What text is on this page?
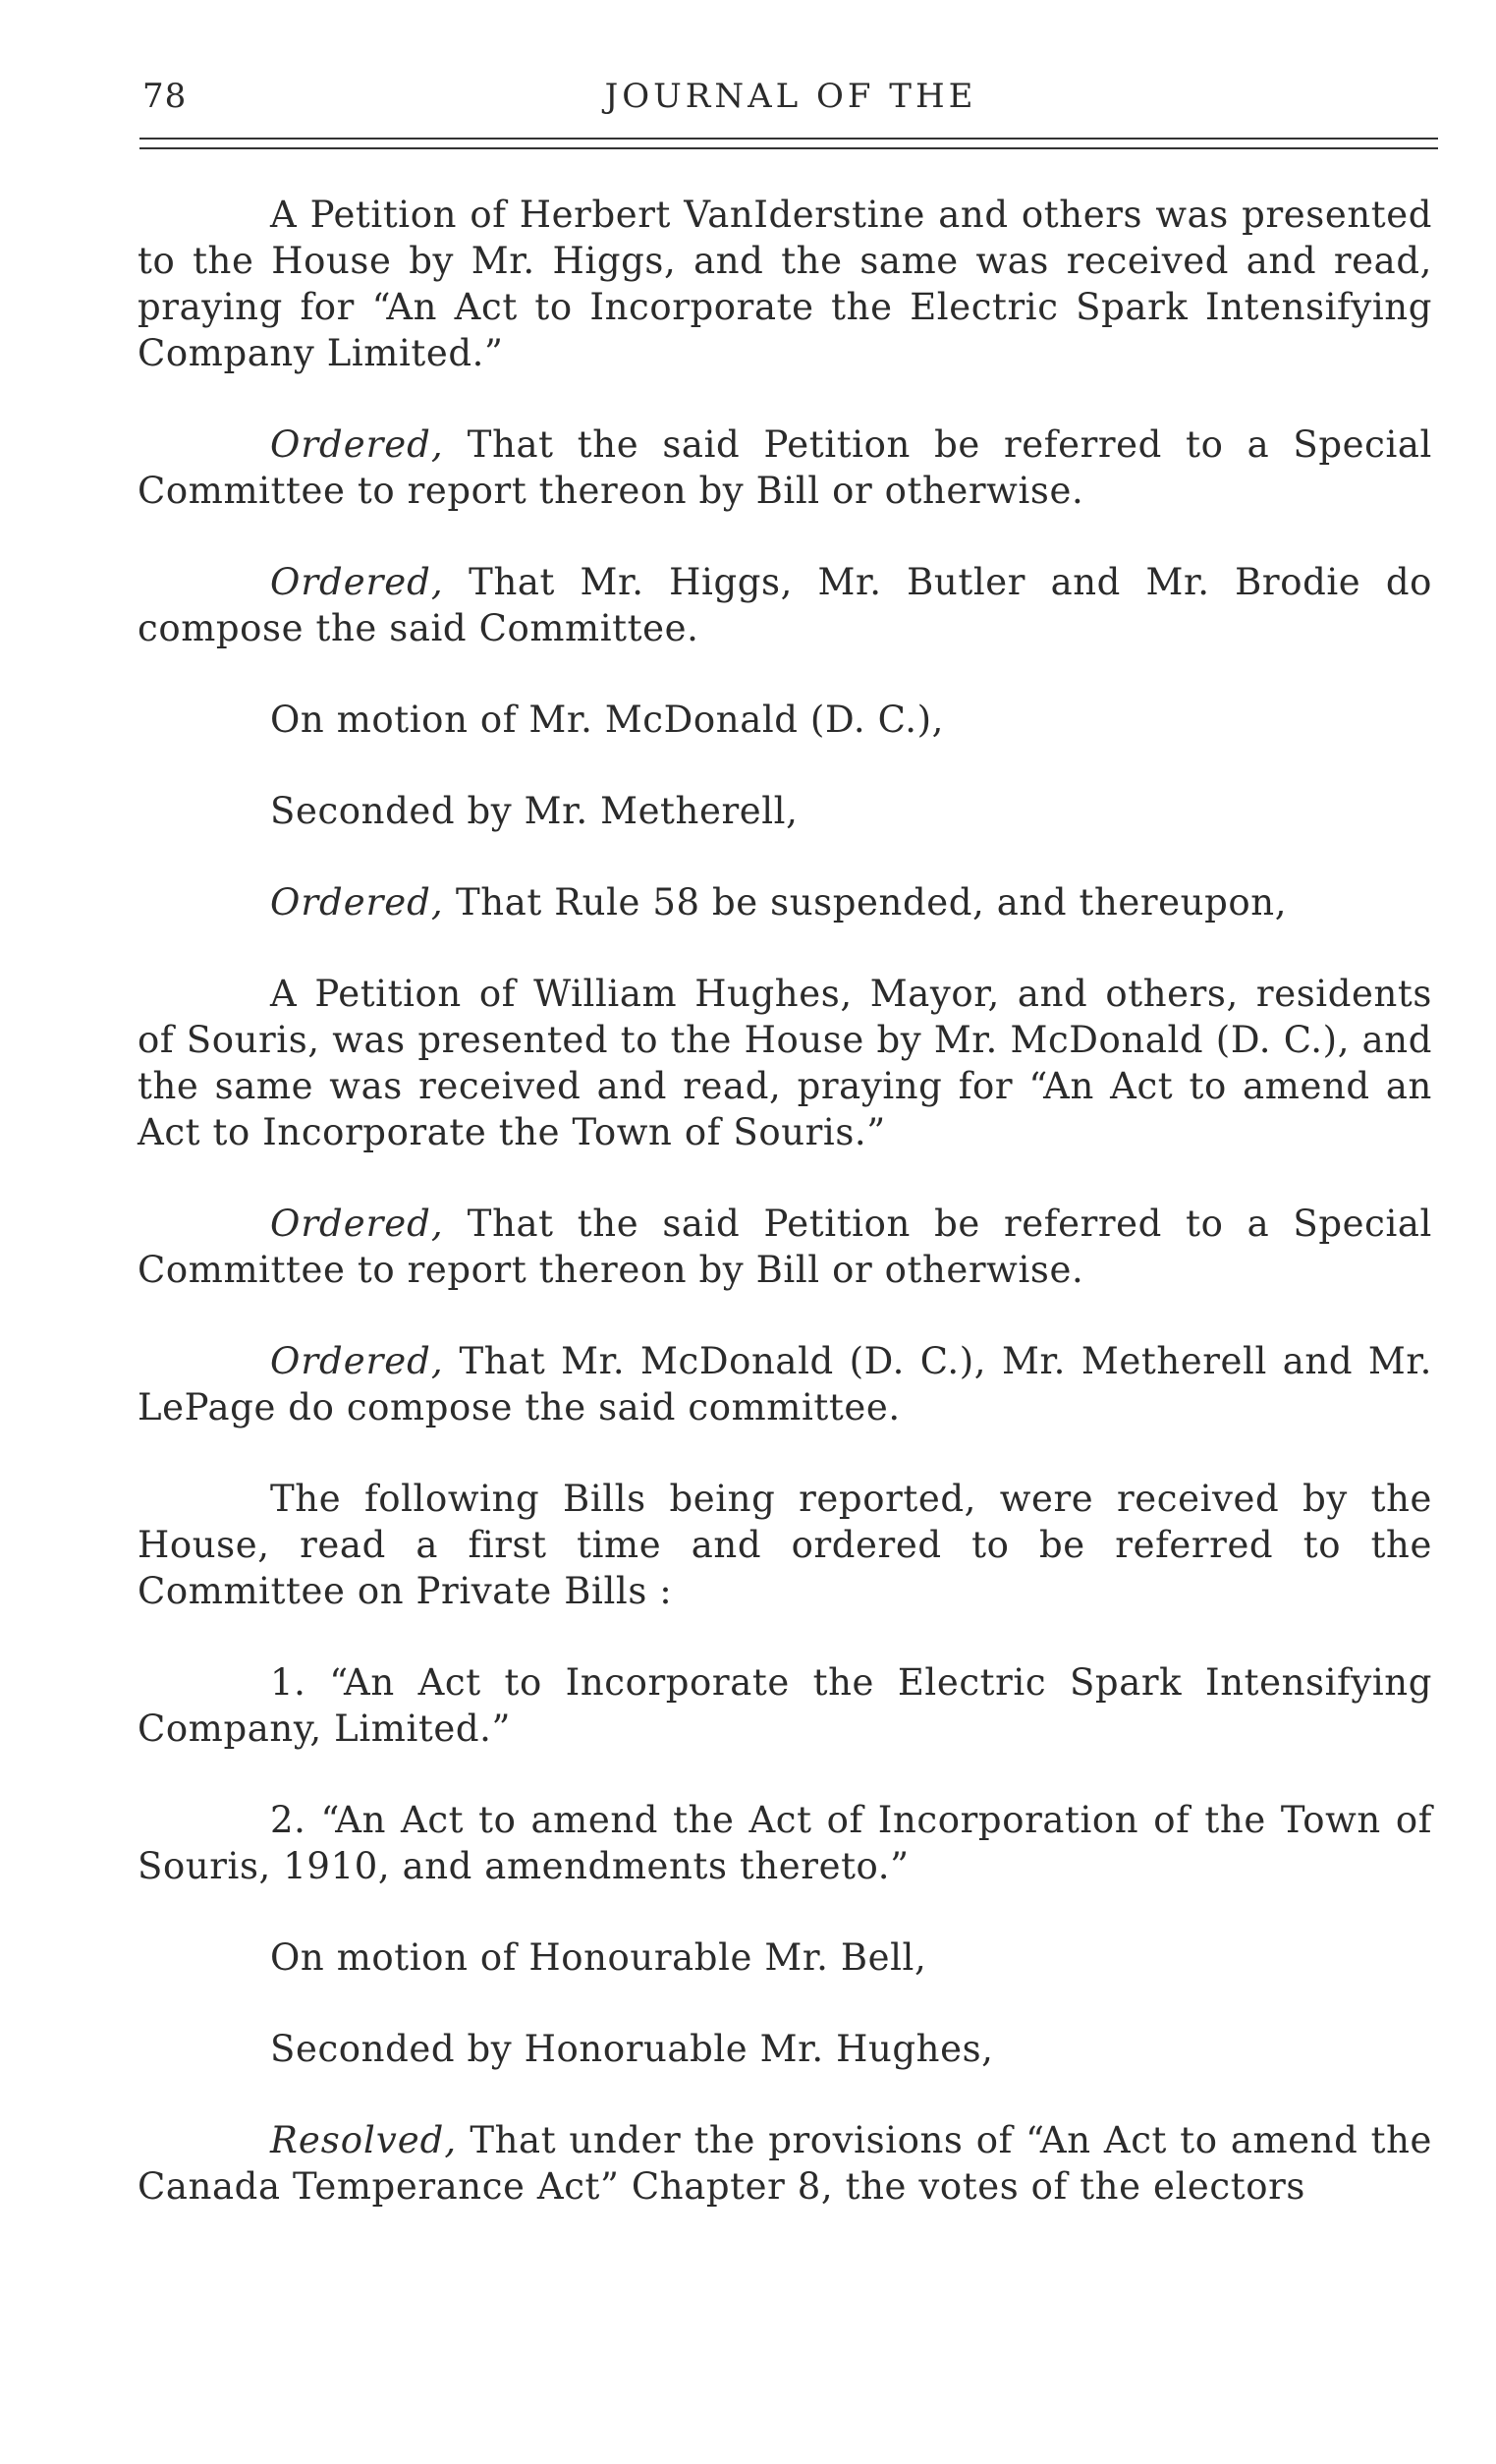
78	JOURNAL OF THE

A Petition of Herbert VanIderstine and others was presented to the House by Mr. Higgs, and the same was received and read, praying for “An Act to Incorporate the Electric Spark Intensifying Company Limited.”

Ordered, That the said Petition be referred to a Special Committee to report thereon by Bill or otherwise.

Ordered, That Mr. Higgs, Mr. Butler and Mr. Brodie do compose the said Committee.

On motion of Mr. McDonald (D. C.),

Seconded by Mr. Metherell,

Ordered, That Rule 58 be suspended, and thereupon,

A Petition of William Hughes, Mayor, and others, residents of Souris, was presented to the House by Mr. McDonald (D. C.), and the same was received and read, praying for “An Act to amend an Act to Incorporate the Town of Souris.”

Ordered, That the said Petition be referred to a Special Committee to report thereon by Bill or otherwise.

Ordered, That Mr. McDonald (D. C.), Mr. Metherell and Mr. LePage do compose the said committee.

The following Bills being reported, were received by the House, read a first time and ordered to be referred to the Committee on Private Bills :

1. “An Act to Incorporate the Electric Spark Intensifying Company, Limited.”

2. “An Act to amend the Act of Incorporation of the Town of Souris, 1910, and amendments thereto.”

On motion of Honourable Mr. Bell,

Seconded by Honoruable Mr. Hughes,

Resolved, That under the provisions of “An Act to amend the Canada Temperance Act” Chapter 8, the votes of the electors
